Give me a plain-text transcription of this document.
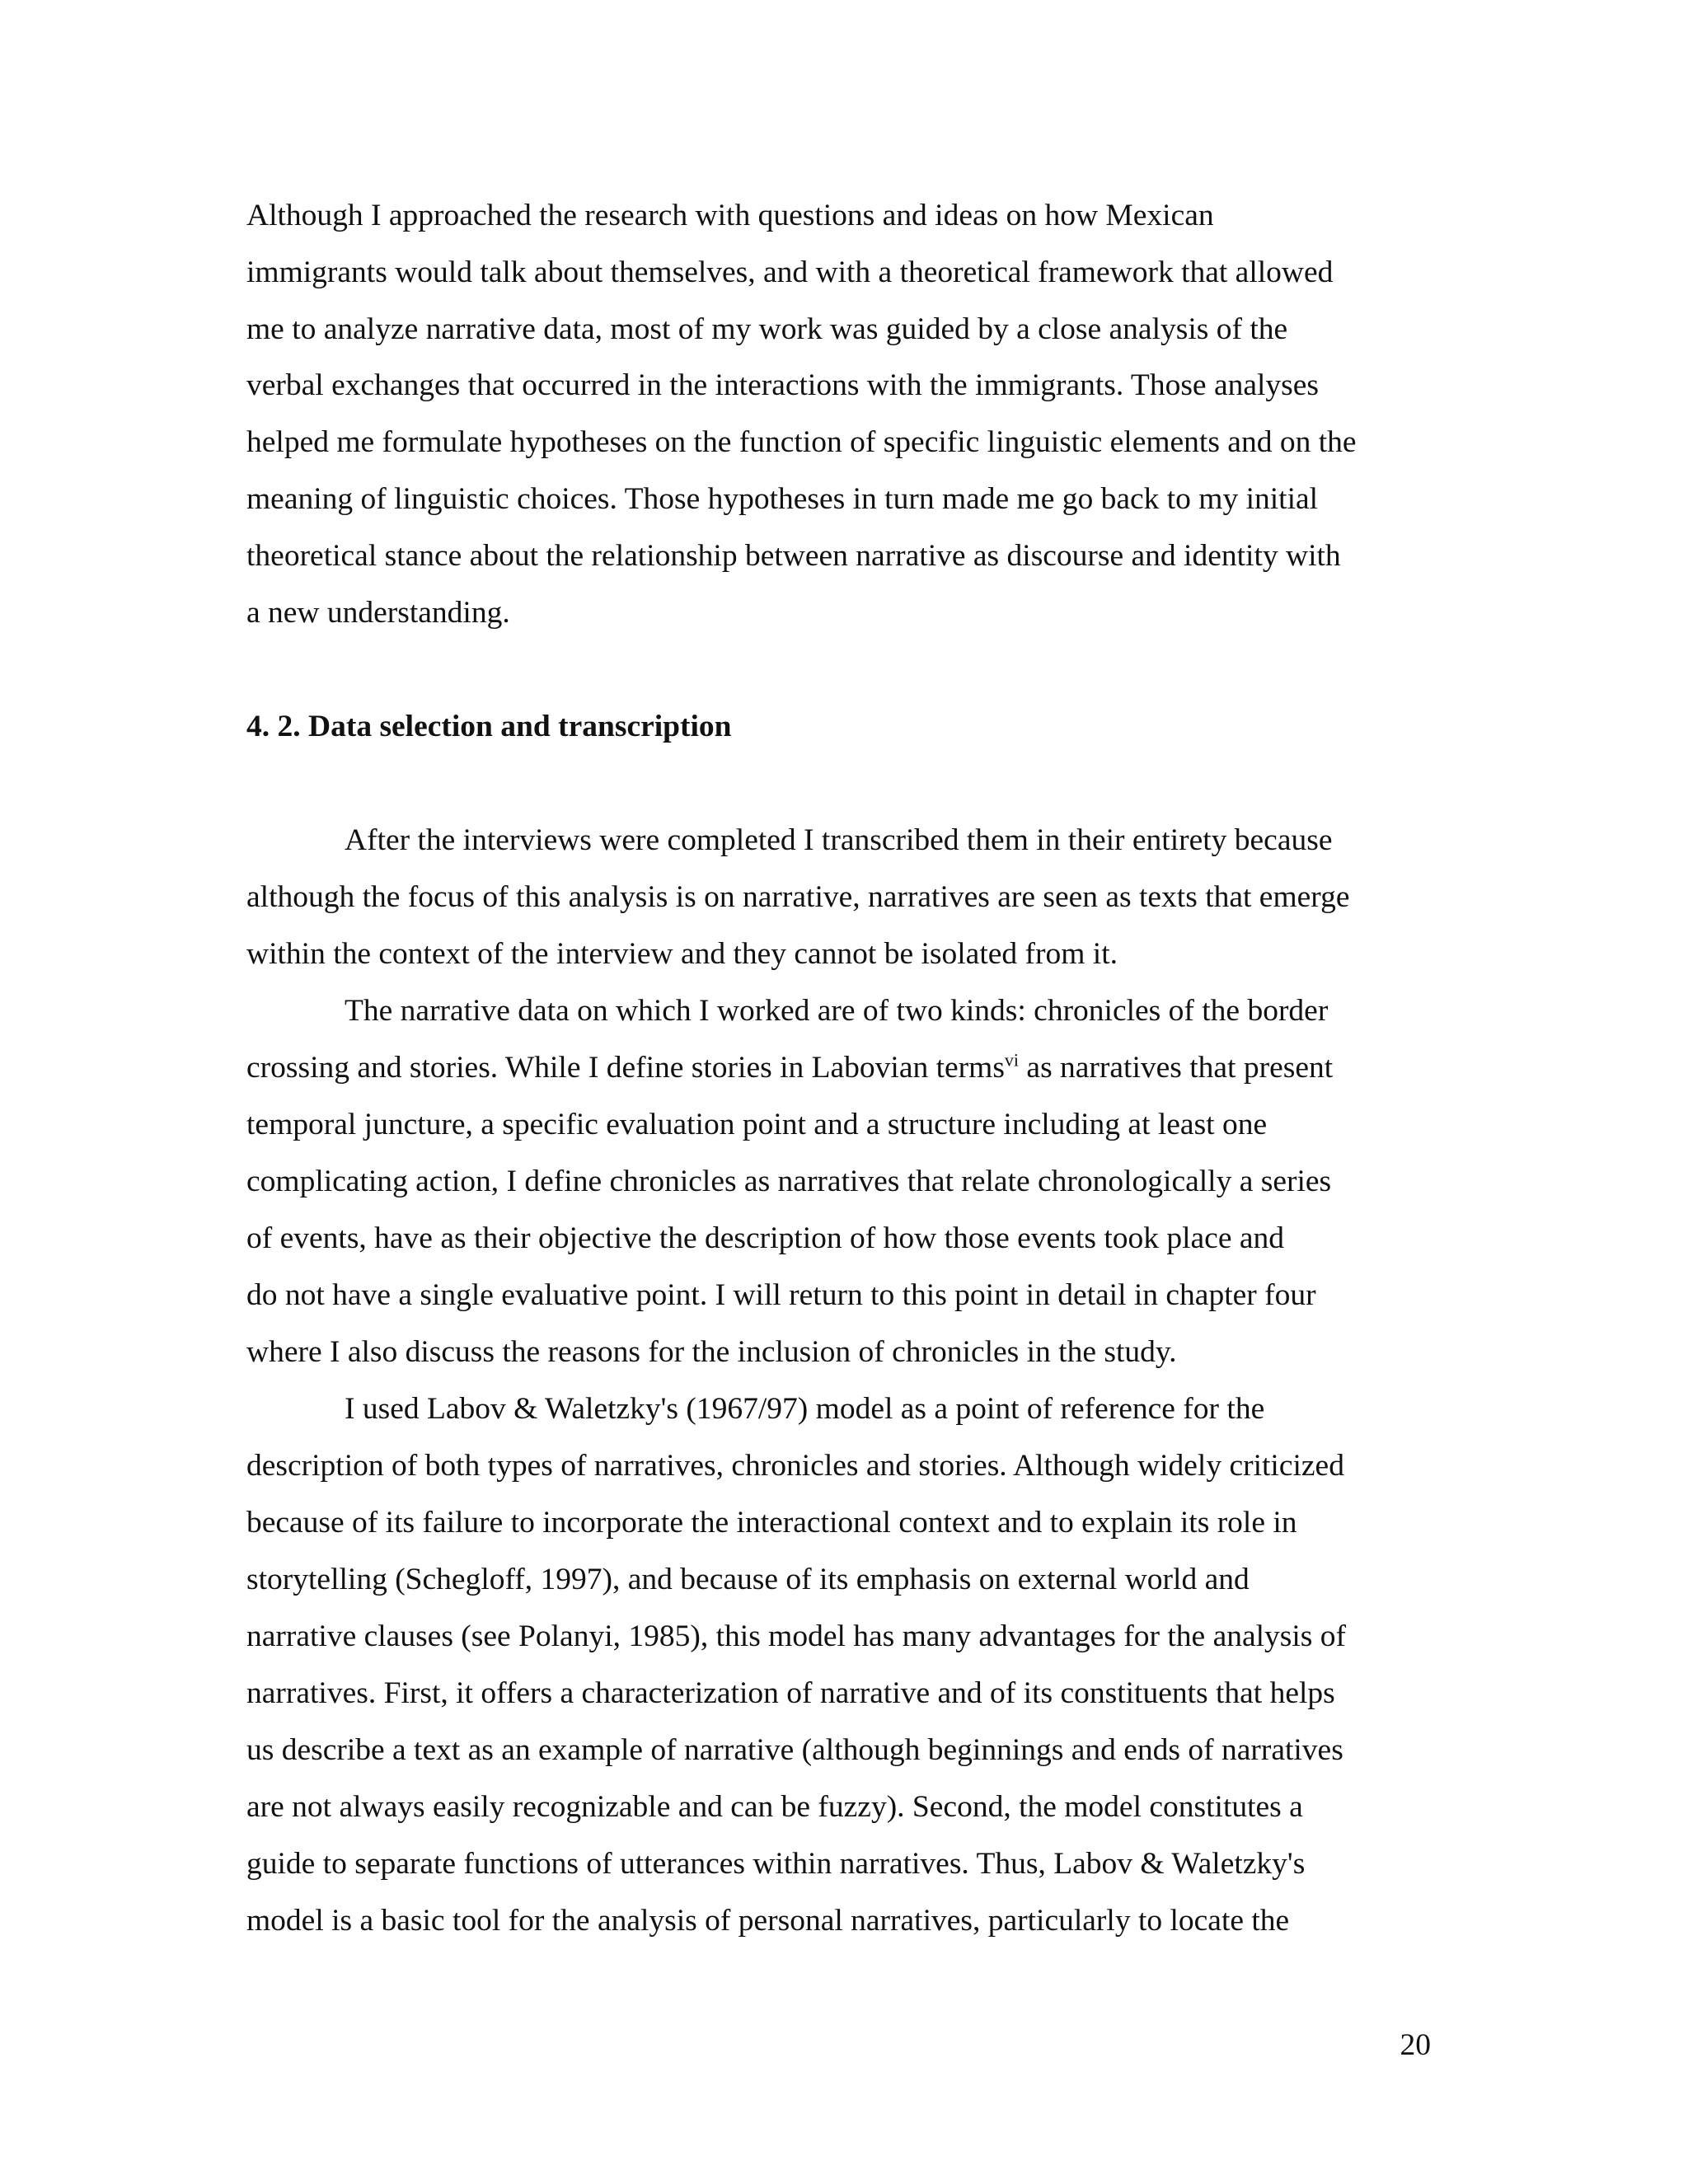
Although I approached the research with questions and ideas on how Mexican
immigrants would talk about themselves, and with a theoretical framework that allowed
me to analyze narrative data, most of my work was guided by a close analysis of the
verbal exchanges that occurred in the interactions with the immigrants. Those analyses
helped me formulate hypotheses on the function of specific linguistic elements and on the
meaning of linguistic choices. Those hypotheses in turn made me go back to my initial
theoretical stance about the relationship between narrative as discourse and identity with
a new understanding.
4. 2. Data selection and transcription
After the interviews were completed I transcribed them in their entirety because
although the focus of this analysis is on narrative, narratives are seen as texts that emerge
within the context of the interview and they cannot be isolated from it.
The narrative data on which I worked are of two kinds: chronicles of the border
crossing and stories. While I define stories in Labovian terms$^{vi}$ as narratives that present
temporal juncture, a specific evaluation point and a structure including at least one
complicating action, I define chronicles as narratives that relate chronologically a series
of events, have as their objective the description of how those events took place and
do not have a single evaluative point. I will return to this point in detail in chapter four
where I also discuss the reasons for the inclusion of chronicles in the study.
I used Labov & Waletzky's (1967/97) model as a point of reference for the
description of both types of narratives, chronicles and stories. Although widely criticized
because of its failure to incorporate the interactional context and to explain its role in
storytelling (Schegloff, 1997), and because of its emphasis on external world and
narrative clauses (see Polanyi, 1985), this model has many advantages for the analysis of
narratives. First, it offers a characterization of narrative and of its constituents that helps
us describe a text as an example of narrative (although beginnings and ends of narratives
are not always easily recognizable and can be fuzzy). Second, the model constitutes a
guide to separate functions of utterances within narratives. Thus, Labov & Waletzky's
model is a basic tool for the analysis of personal narratives, particularly to locate the
20
